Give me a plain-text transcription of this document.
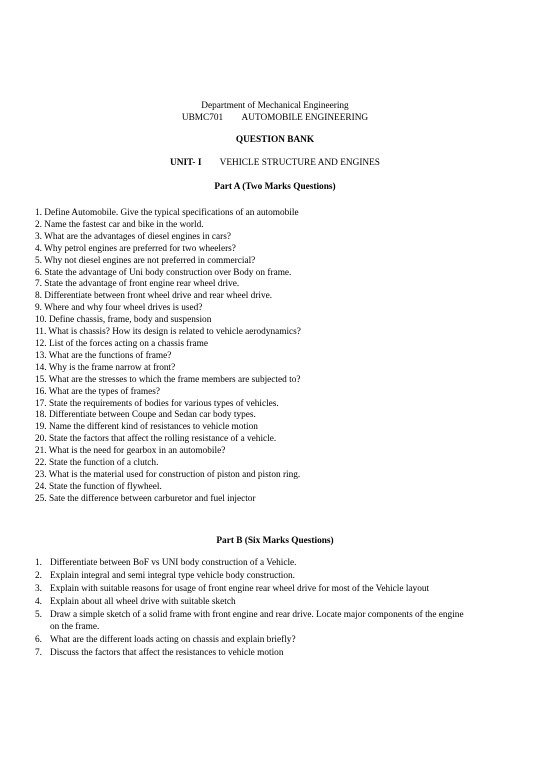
Department of Mechanical Engineering
UBMC701 AUTOMOBILE ENGINEERING
QUESTION BANK
UNIT- I VEHICLE STRUCTURE AND ENGINES
Part A (Two Marks Questions)
1. Define Automobile. Give the typical specifications of an automobile
2. Name the fastest car and bike in the world.
3. What are the advantages of diesel engines in cars?
4. Why petrol engines are preferred for two wheelers?
5. Why not diesel engines are not preferred in commercial?
6. State the advantage of Uni body construction over Body on frame.
7. State the advantage of front engine rear wheel drive.
8. Differentiate between front wheel drive and rear wheel drive.
9. Where and why four wheel drives is used?
10. Define chassis, frame, body and suspension
11. What is chassis? How its design is related to vehicle aerodynamics?
12. List of the forces acting on a chassis frame
13. What are the functions of frame?
14. Why is the frame narrow at front?
15. What are the stresses to which the frame members are subjected to?
16. What are the types of frames?
17. State the requirements of bodies for various types of vehicles.
18. Differentiate between Coupe and Sedan car body types.
19. Name the different kind of resistances to vehicle motion
20. State the factors that affect the rolling resistance of a vehicle.
21. What is the need for gearbox in an automobile?
22. State the function of a clutch.
23. What is the material used for construction of piston and piston ring.
24. State the function of flywheel.
25. Sate the difference between carburetor and fuel injector
Part B (Six Marks Questions)
1. Differentiate between BoF vs UNI body construction of a Vehicle.
2. Explain integral and semi integral type vehicle body construction.
3. Explain with suitable reasons for usage of front engine rear wheel drive for most of the Vehicle layout
4. Explain about all wheel drive with suitable sketch
5. Draw a simple sketch of a solid frame with front engine and rear drive. Locate major components of the engine on the frame.
6. What are the different loads acting on chassis and explain briefly?
7. Discuss the factors that affect the resistances to vehicle motion
